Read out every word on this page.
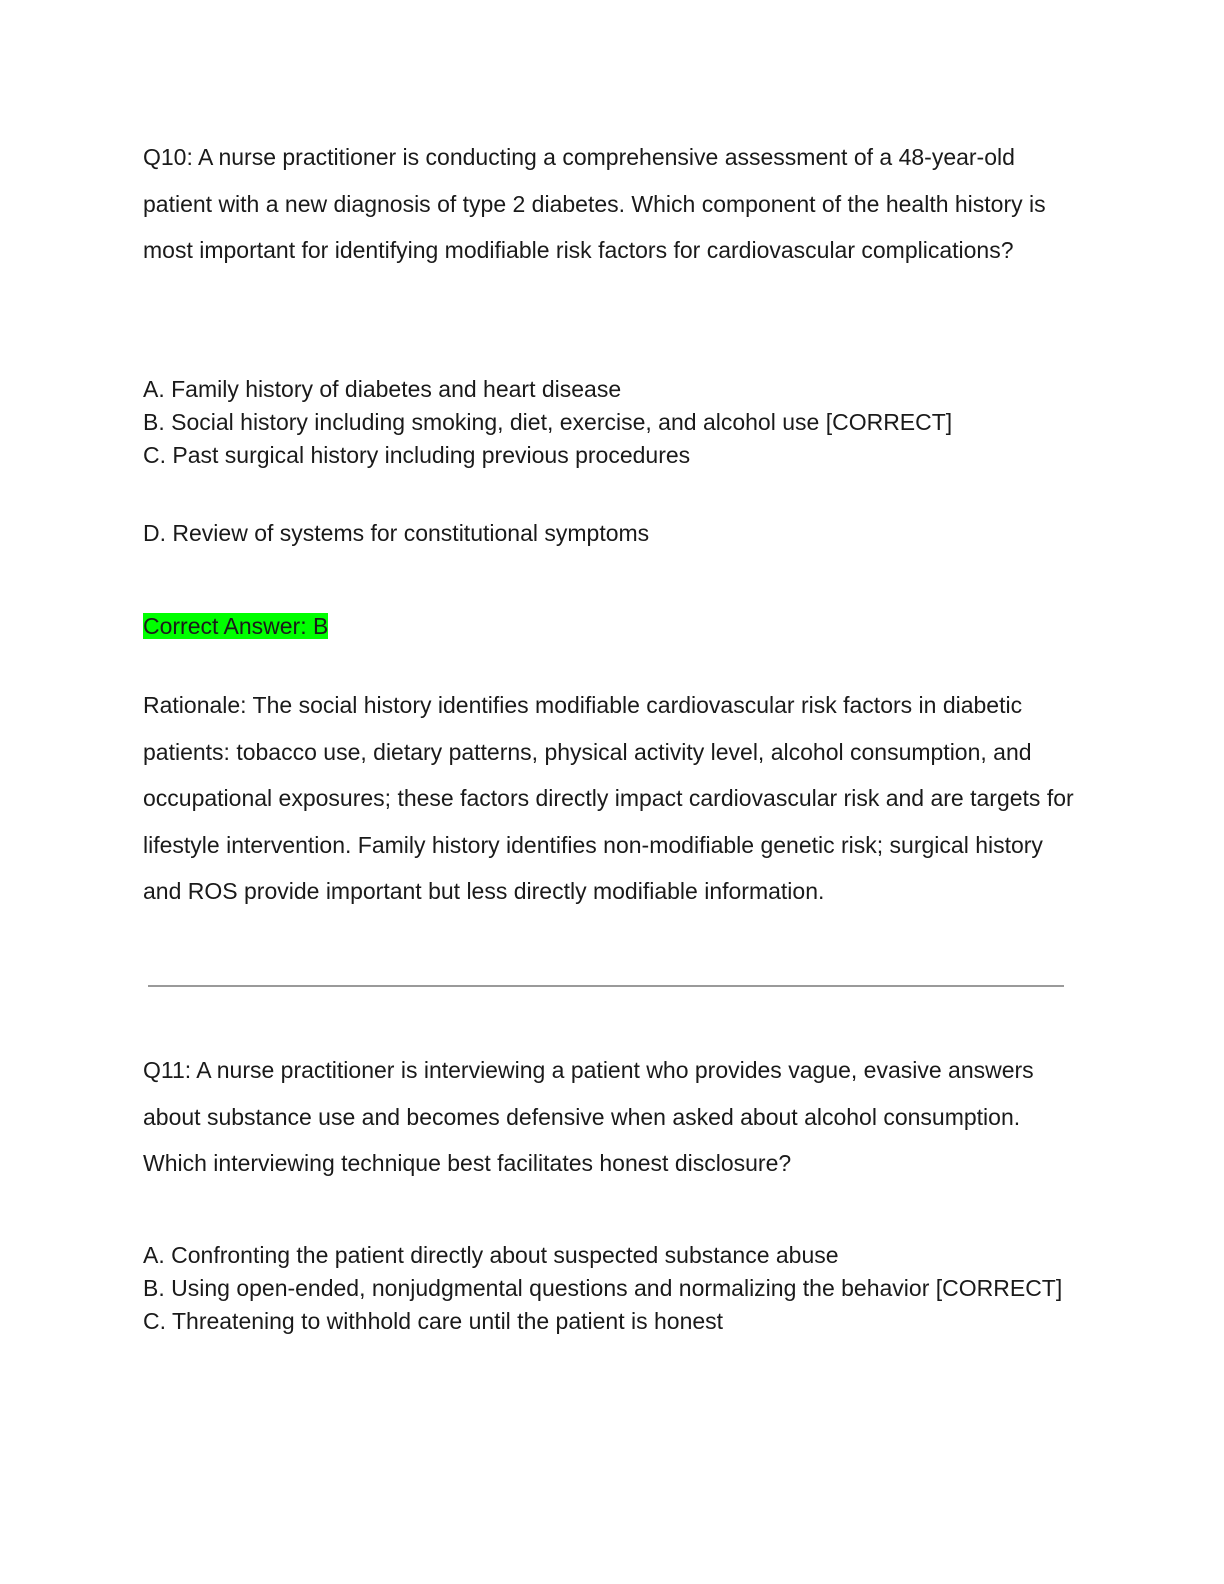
Q10: A nurse practitioner is conducting a comprehensive assessment of a 48-year-old patient with a new diagnosis of type 2 diabetes. Which component of the health history is most important for identifying modifiable risk factors for cardiovascular complications?

A. Family history of diabetes and heart disease

B. Social history including smoking, diet, exercise, and alcohol use [CORRECT]

C. Past surgical history including previous procedures

D. Review of systems for constitutional symptoms

Correct Answer: B

Rationale: The social history identifies modifiable cardiovascular risk factors in diabetic patients: tobacco use, dietary patterns, physical activity level, alcohol consumption, and occupational exposures; these factors directly impact cardiovascular risk and are targets for lifestyle intervention. Family history identifies non-modifiable genetic risk; surgical history and ROS provide important but less directly modifiable information.

Q11: A nurse practitioner is interviewing a patient who provides vague, evasive answers about substance use and becomes defensive when asked about alcohol consumption. Which interviewing technique best facilitates honest disclosure?

A. Confronting the patient directly about suspected substance abuse

B. Using open-ended, nonjudgmental questions and normalizing the behavior [CORRECT]

C. Threatening to withhold care until the patient is honest
